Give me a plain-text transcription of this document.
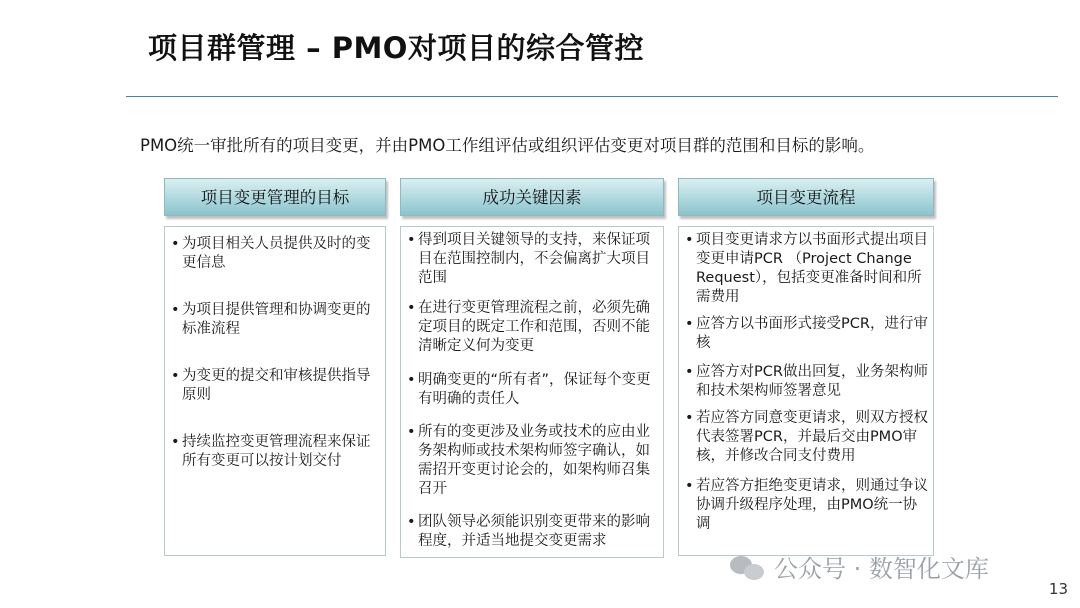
项目群管理 – PMO对项目的综合管控
PMO统一审批所有的项目变更，并由PMO工作组评估或组织评估变更对项目群的范围和目标的影响。
项目变更管理的目标
• 为项目相关人员提供及时的变更信息
• 为项目提供管理和协调变更的标准流程
• 为变更的提交和审核提供指导原则
• 持续监控变更管理流程来保证所有变更可以按计划交付
成功关键因素
• 得到项目关键领导的支持，来保证项目在范围控制内，不会偏离扩大项目范围
• 在进行变更管理流程之前，必须先确定项目的既定工作和范围，否则不能清晰定义何为变更
• 明确变更的“所有者”，保证每个变更有明确的责任人
• 所有的变更涉及业务或技术的应由业务架构师或技术架构师签字确认，如需招开变更讨论会的，如架构师召集召开
• 团队领导必须能识别变更带来的影响程度，并适当地提交变更需求
项目变更流程
• 项目变更请求方以书面形式提出项目变更申请PCR （Project Change Request），包括变更准备时间和所需费用
• 应答方以书面形式接受PCR，进行审核
• 应答方对PCR做出回复，业务架构师和技术架构师签署意见
• 若应答方同意变更请求，则双方授权代表签署PCR，并最后交由PMO审核，并修改合同支付费用
• 若应答方拒绝变更请求，则通过争议协调升级程序处理，由PMO统一协调
公众号 · 数智化文库
13
